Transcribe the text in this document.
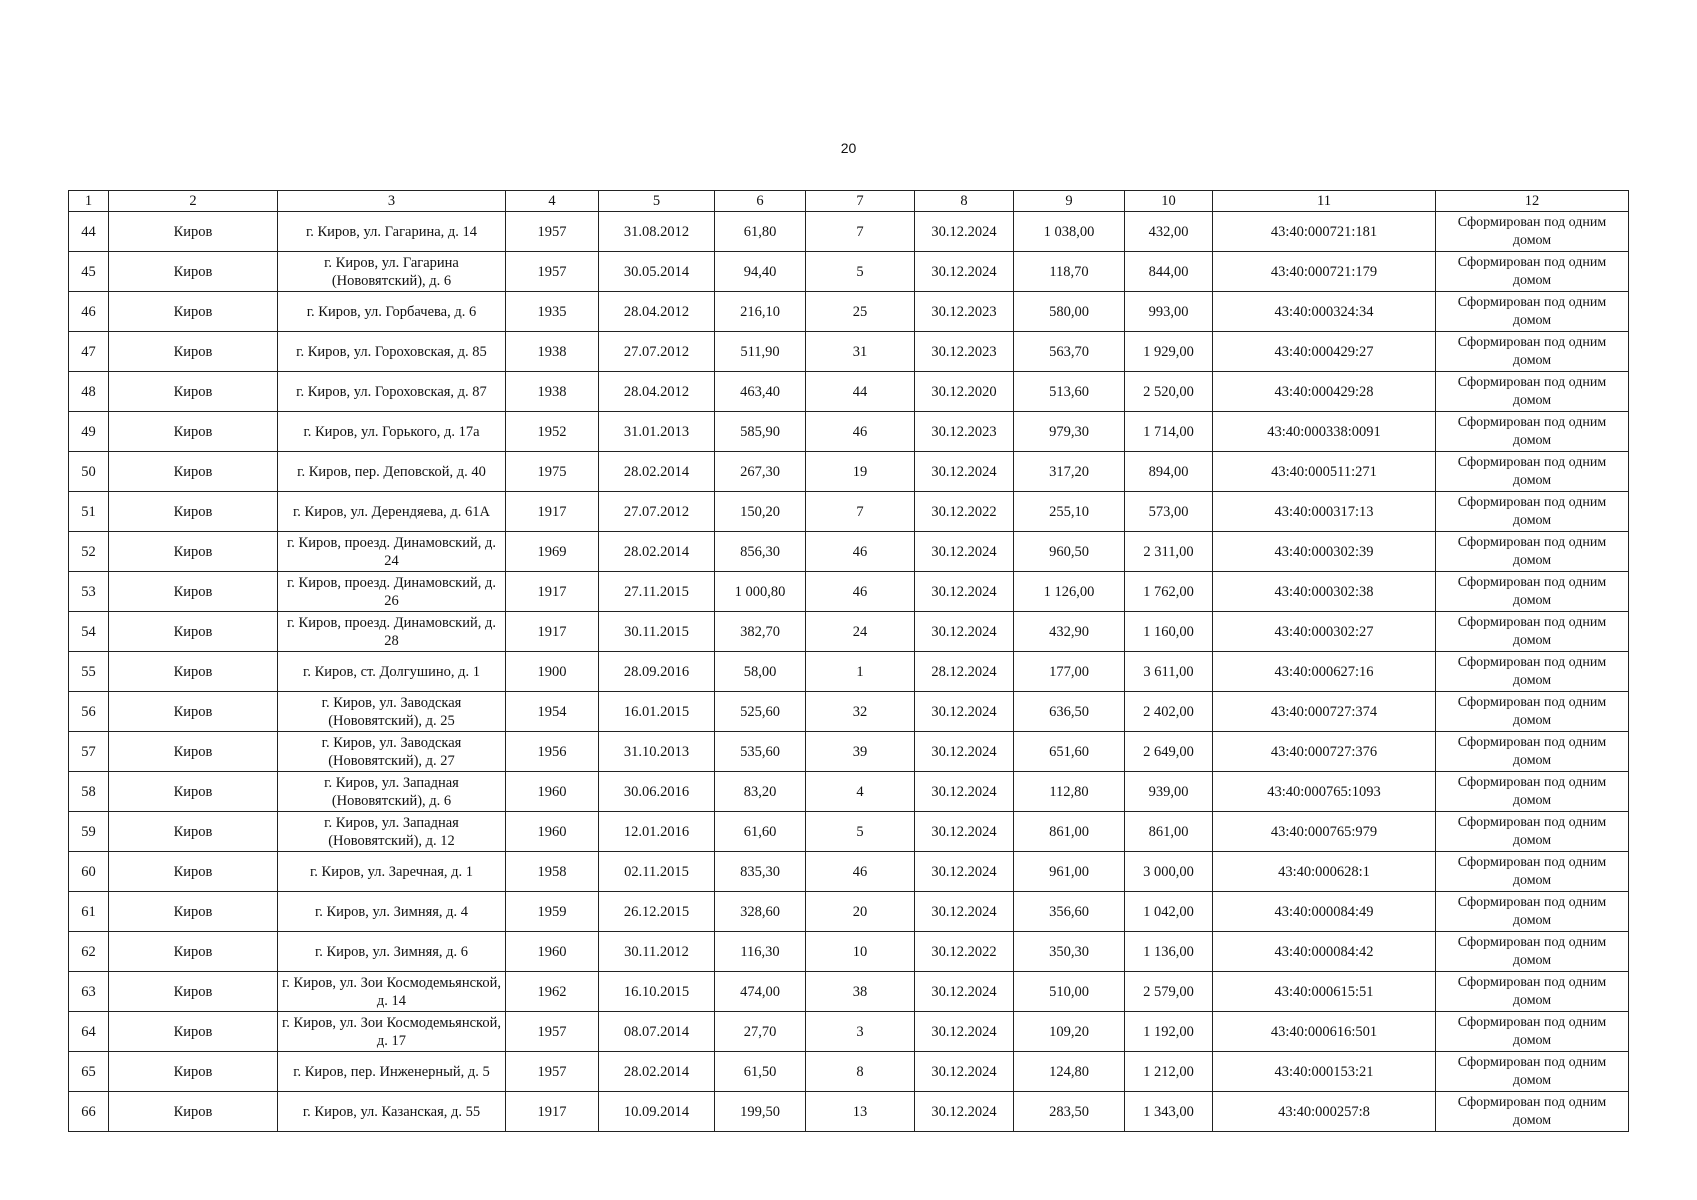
20
1	2	3	4	5	6	7	8	9	10	11	12
44	Киров	г. Киров, ул. Гагарина, д. 14	1957	31.08.2012	61,80	7	30.12.2024	1 038,00	432,00	43:40:000721:181	Сформирован под одним домом
45	Киров	г. Киров, ул. Гагарина (Нововятский), д. 6	1957	30.05.2014	94,40	5	30.12.2024	118,70	844,00	43:40:000721:179	Сформирован под одним домом
46	Киров	г. Киров, ул. Горбачева, д. 6	1935	28.04.2012	216,10	25	30.12.2023	580,00	993,00	43:40:000324:34	Сформирован под одним домом
47	Киров	г. Киров, ул. Гороховская, д. 85	1938	27.07.2012	511,90	31	30.12.2023	563,70	1 929,00	43:40:000429:27	Сформирован под одним домом
48	Киров	г. Киров, ул. Гороховская, д. 87	1938	28.04.2012	463,40	44	30.12.2020	513,60	2 520,00	43:40:000429:28	Сформирован под одним домом
49	Киров	г. Киров, ул. Горького, д. 17а	1952	31.01.2013	585,90	46	30.12.2023	979,30	1 714,00	43:40:000338:0091	Сформирован под одним домом
50	Киров	г. Киров, пер. Деповской, д. 40	1975	28.02.2014	267,30	19	30.12.2024	317,20	894,00	43:40:000511:271	Сформирован под одним домом
51	Киров	г. Киров, ул. Дерендяева, д. 61А	1917	27.07.2012	150,20	7	30.12.2022	255,10	573,00	43:40:000317:13	Сформирован под одним домом
52	Киров	г. Киров, проезд. Динамовский, д. 24	1969	28.02.2014	856,30	46	30.12.2024	960,50	2 311,00	43:40:000302:39	Сформирован под одним домом
53	Киров	г. Киров, проезд. Динамовский, д. 26	1917	27.11.2015	1 000,80	46	30.12.2024	1 126,00	1 762,00	43:40:000302:38	Сформирован под одним домом
54	Киров	г. Киров, проезд. Динамовский, д. 28	1917	30.11.2015	382,70	24	30.12.2024	432,90	1 160,00	43:40:000302:27	Сформирован под одним домом
55	Киров	г. Киров, ст. Долгушино, д. 1	1900	28.09.2016	58,00	1	28.12.2024	177,00	3 611,00	43:40:000627:16	Сформирован под одним домом
56	Киров	г. Киров, ул. Заводская (Нововятский), д. 25	1954	16.01.2015	525,60	32	30.12.2024	636,50	2 402,00	43:40:000727:374	Сформирован под одним домом
57	Киров	г. Киров, ул. Заводская (Нововятский), д. 27	1956	31.10.2013	535,60	39	30.12.2024	651,60	2 649,00	43:40:000727:376	Сформирован под одним домом
58	Киров	г. Киров, ул. Западная (Нововятский), д. 6	1960	30.06.2016	83,20	4	30.12.2024	112,80	939,00	43:40:000765:1093	Сформирован под одним домом
59	Киров	г. Киров, ул. Западная (Нововятский), д. 12	1960	12.01.2016	61,60	5	30.12.2024	861,00	861,00	43:40:000765:979	Сформирован под одним домом
60	Киров	г. Киров, ул. Заречная, д. 1	1958	02.11.2015	835,30	46	30.12.2024	961,00	3 000,00	43:40:000628:1	Сформирован под одним домом
61	Киров	г. Киров, ул. Зимняя, д. 4	1959	26.12.2015	328,60	20	30.12.2024	356,60	1 042,00	43:40:000084:49	Сформирован под одним домом
62	Киров	г. Киров, ул. Зимняя, д. 6	1960	30.11.2012	116,30	10	30.12.2022	350,30	1 136,00	43:40:000084:42	Сформирован под одним домом
63	Киров	г. Киров, ул. Зои Космодемьянской, д. 14	1962	16.10.2015	474,00	38	30.12.2024	510,00	2 579,00	43:40:000615:51	Сформирован под одним домом
64	Киров	г. Киров, ул. Зои Космодемьянской, д. 17	1957	08.07.2014	27,70	3	30.12.2024	109,20	1 192,00	43:40:000616:501	Сформирован под одним домом
65	Киров	г. Киров, пер. Инженерный, д. 5	1957	28.02.2014	61,50	8	30.12.2024	124,80	1 212,00	43:40:000153:21	Сформирован под одним домом
66	Киров	г. Киров, ул. Казанская, д. 55	1917	10.09.2014	199,50	13	30.12.2024	283,50	1 343,00	43:40:000257:8	Сформирован под одним домом
